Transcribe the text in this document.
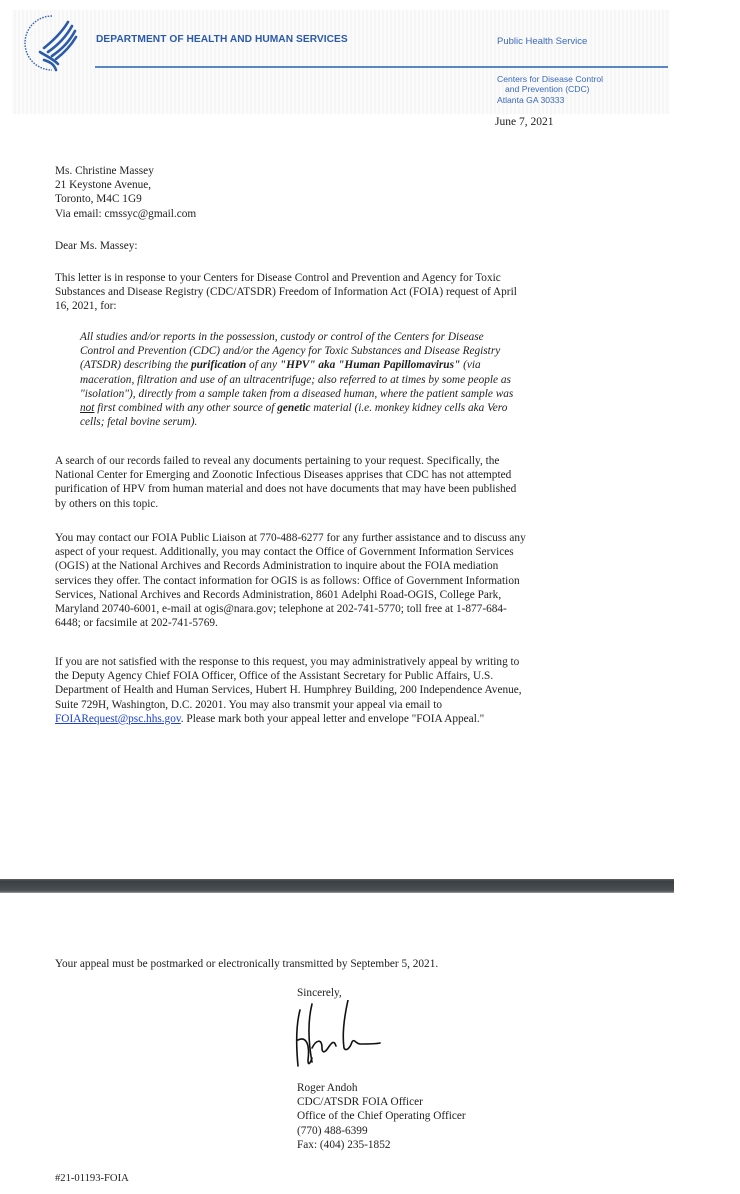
DEPARTMENT OF HEALTH AND HUMAN SERVICES	Public Health Service
Centers for Disease Control
and Prevention (CDC)
Atlanta GA 30333
June 7, 2021
Ms. Christine Massey
21 Keystone Avenue,
Toronto, M4C 1G9
Via email: cmssyc@gmail.com
Dear Ms. Massey:
This letter is in response to your Centers for Disease Control and Prevention and Agency for Toxic
Substances and Disease Registry (CDC/ATSDR) Freedom of Information Act (FOIA) request of April
16, 2021, for:
All studies and/or reports in the possession, custody or control of the Centers for Disease
Control and Prevention (CDC) and/or the Agency for Toxic Substances and Disease Registry
(ATSDR) describing the purification of any "HPV" aka "Human Papillomavirus" (via
maceration, filtration and use of an ultracentrifuge; also referred to at times by some people as
"isolation"), directly from a sample taken from a diseased human, where the patient sample was
not first combined with any other source of genetic material (i.e. monkey kidney cells aka Vero
cells; fetal bovine serum).
A search of our records failed to reveal any documents pertaining to your request. Specifically, the
National Center for Emerging and Zoonotic Infectious Diseases apprises that CDC has not attempted
purification of HPV from human material and does not have documents that may have been published
by others on this topic.
You may contact our FOIA Public Liaison at 770-488-6277 for any further assistance and to discuss any
aspect of your request. Additionally, you may contact the Office of Government Information Services
(OGIS) at the National Archives and Records Administration to inquire about the FOIA mediation
services they offer. The contact information for OGIS is as follows: Office of Government Information
Services, National Archives and Records Administration, 8601 Adelphi Road-OGIS, College Park,
Maryland 20740-6001, e-mail at ogis@nara.gov; telephone at 202-741-5770; toll free at 1-877-684-
6448; or facsimile at 202-741-5769.
If you are not satisfied with the response to this request, you may administratively appeal by writing to
the Deputy Agency Chief FOIA Officer, Office of the Assistant Secretary for Public Affairs, U.S.
Department of Health and Human Services, Hubert H. Humphrey Building, 200 Independence Avenue,
Suite 729H, Washington, D.C. 20201. You may also transmit your appeal via email to
FOIARequest@psc.hhs.gov. Please mark both your appeal letter and envelope "FOIA Appeal."
Your appeal must be postmarked or electronically transmitted by September 5, 2021.
Sincerely,
Roger Andoh
CDC/ATSDR FOIA Officer
Office of the Chief Operating Officer
(770) 488-6399
Fax: (404) 235-1852
#21-01193-FOIA
